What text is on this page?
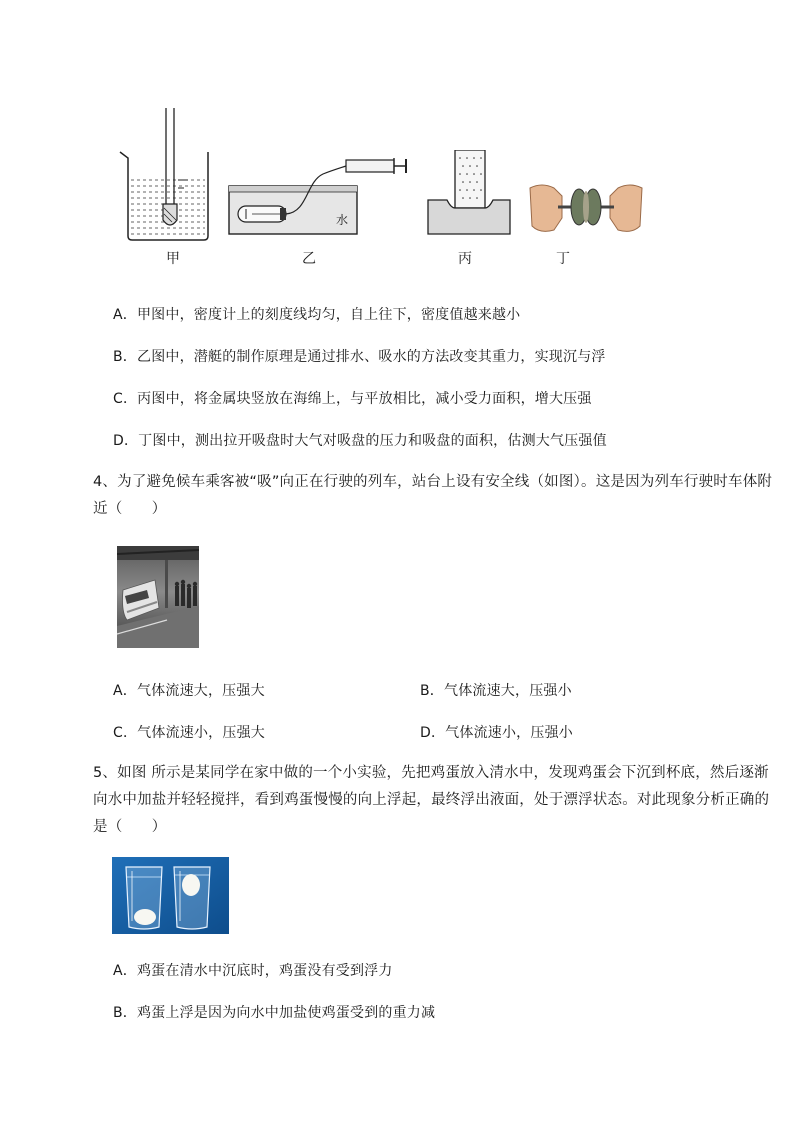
甲
水
乙	丙	丁
A．甲图中，密度计上的刻度线均匀，自上往下，密度值越来越小
B．乙图中，潜艇的制作原理是通过排水、吸水的方法改变其重力，实现沉与浮
C．丙图中，将金属块竖放在海绵上，与平放相比，减小受力面积，增大压强
D．丁图中，测出拉开吸盘时大气对吸盘的压力和吸盘的面积，估测大气压强值
4、为了避免候车乘客被“吸”向正在行驶的列车，站台上设有安全线（如图）。这是因为列车行驶时车体附近（　　）
A．气体流速大，压强大	B．气体流速大，压强小
C．气体流速小，压强大	D．气体流速小，压强小
5、如图 所示是某同学在家中做的一个小实验，先把鸡蛋放入清水中，发现鸡蛋会下沉到杯底，然后逐渐向水中加盐并轻轻搅拌，看到鸡蛋慢慢的向上浮起，最终浮出液面，处于漂浮状态。对此现象分析正确的是（　　）
A．鸡蛋在清水中沉底时，鸡蛋没有受到浮力
B．鸡蛋上浮是因为向水中加盐使鸡蛋受到的重力减
